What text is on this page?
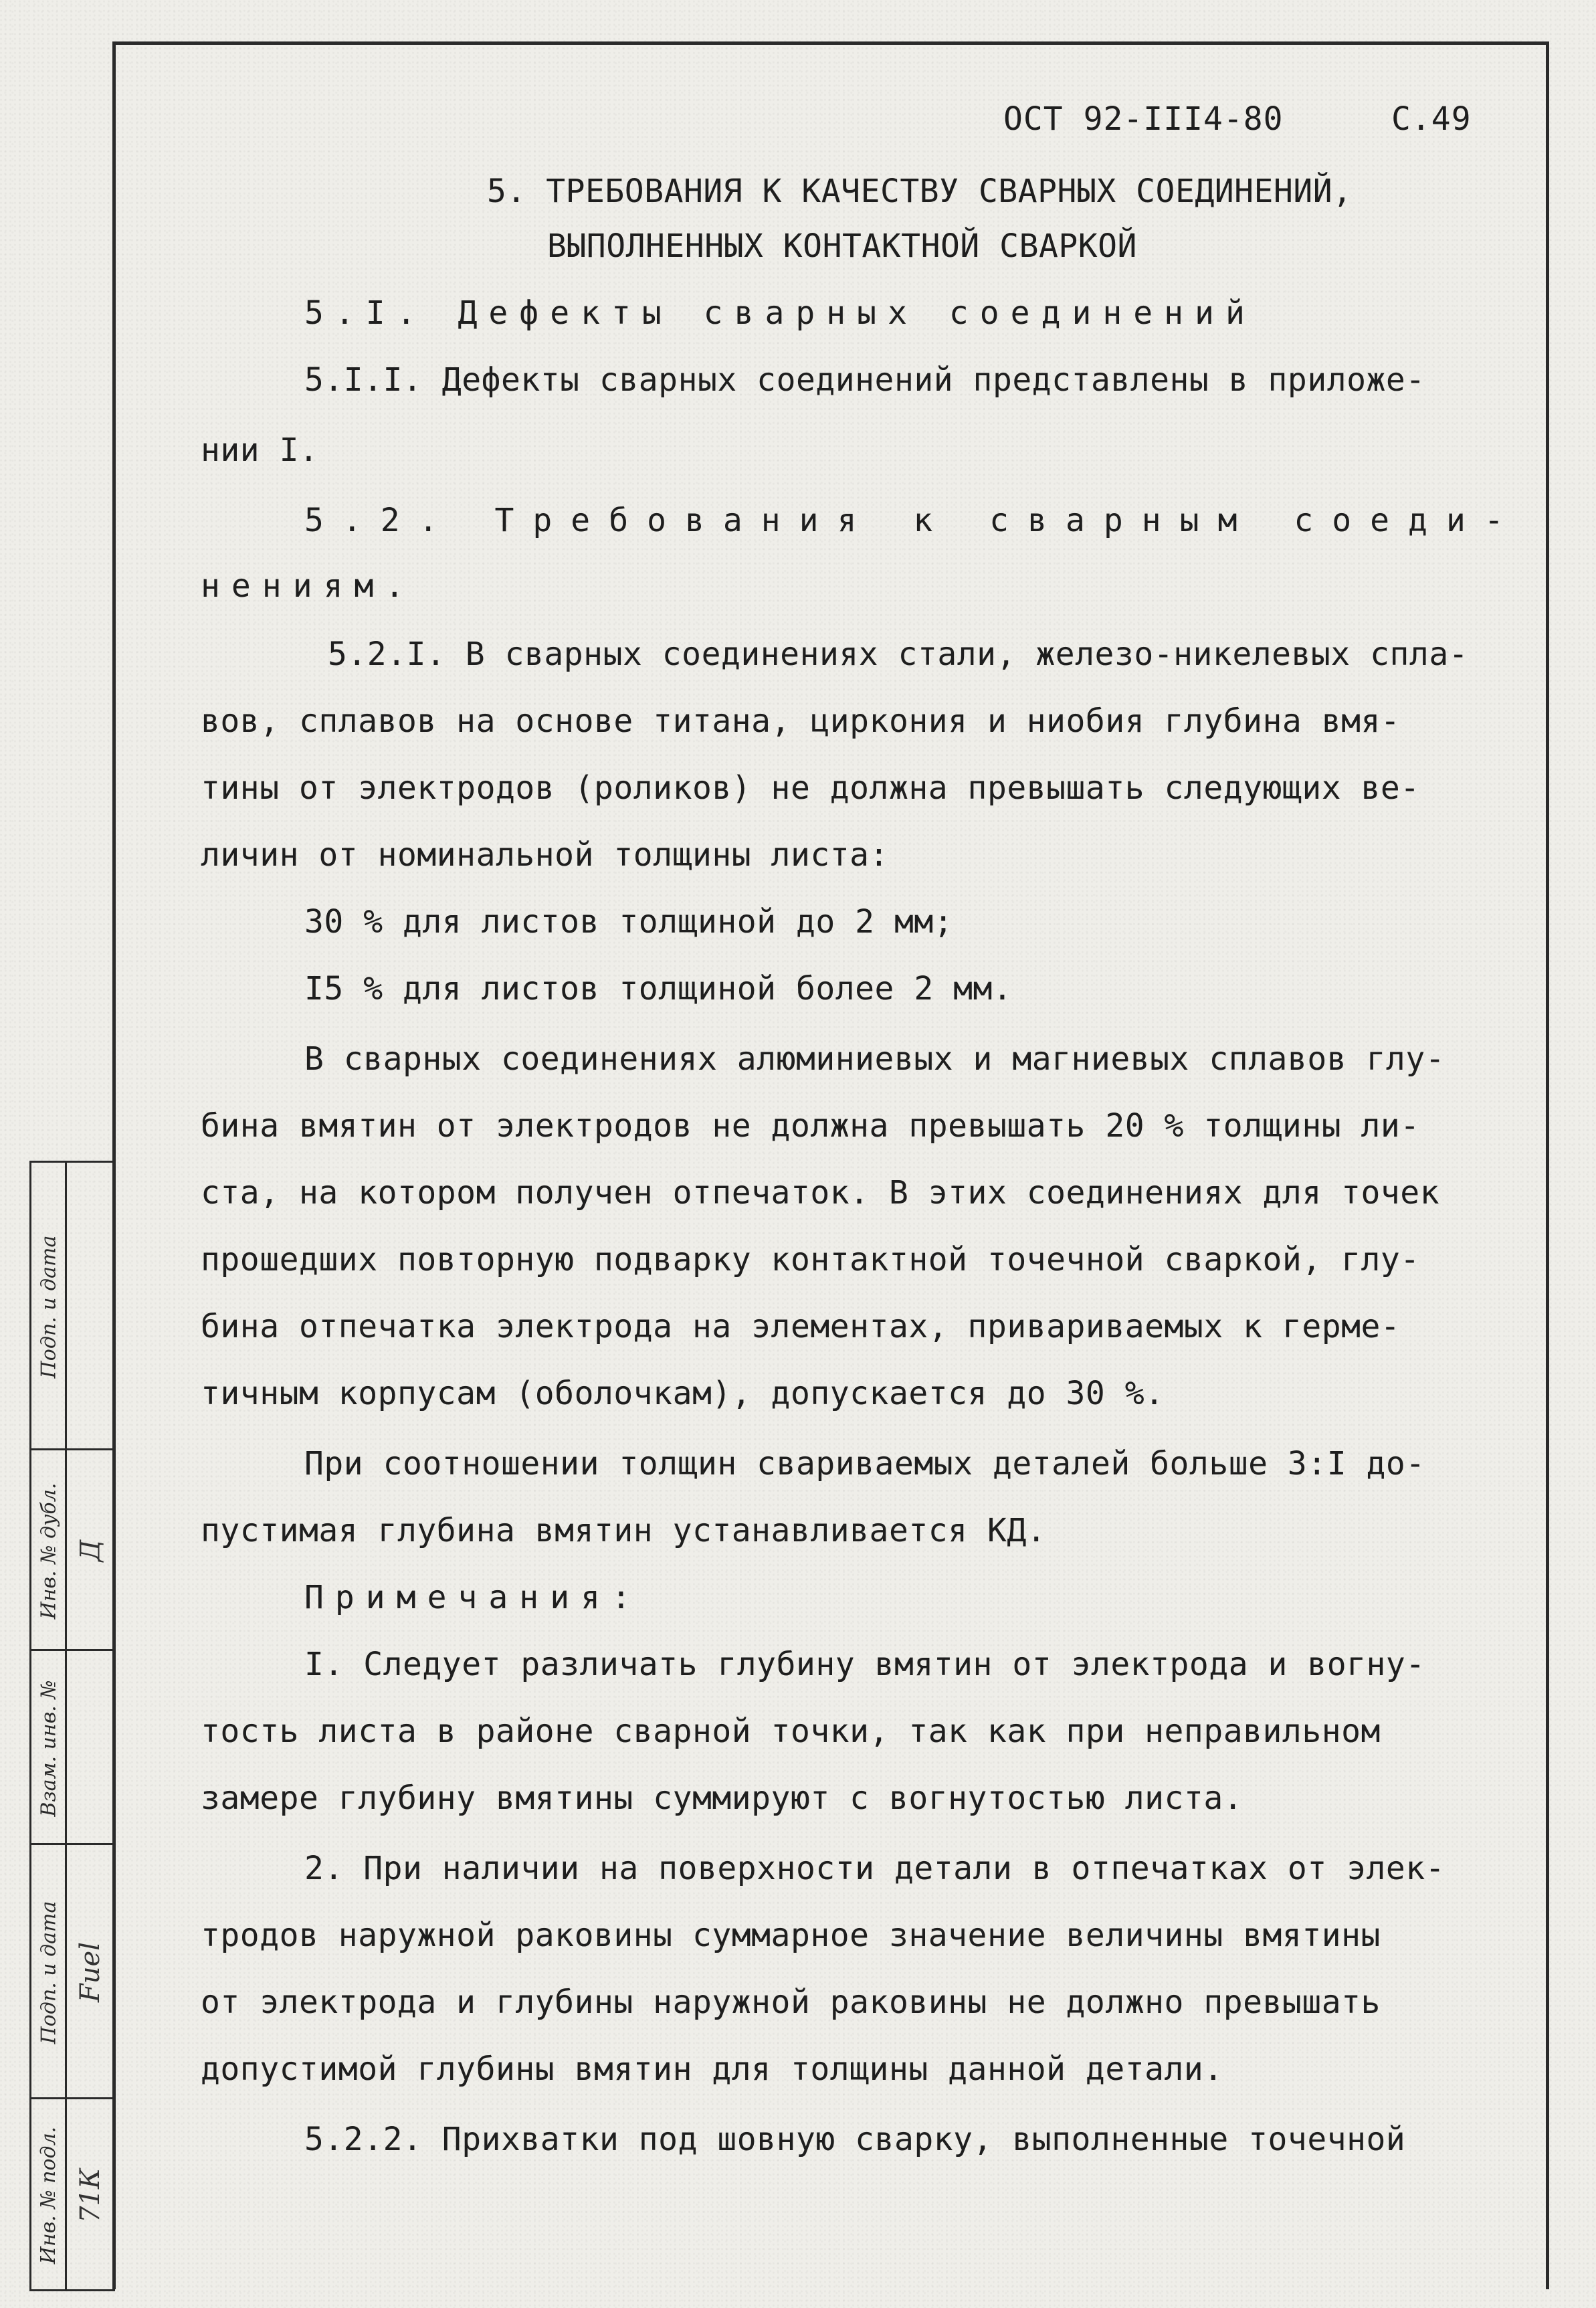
ОСТ 92-III4-80	С.49
5. ТРЕБОВАНИЯ К КАЧЕСТВУ СВАРНЫХ СОЕДИНЕНИЙ,
ВЫПОЛНЕННЫХ КОНТАКТНОЙ СВАРКОЙ
5.I. Дефекты сварных соединений
5.I.I. Дефекты сварных соединений представлены в приложе-
нии I.
5.2. Требования к сварным соеди-
нениям.
5.2.I. В сварных соединениях стали, железо-никелевых спла-
вов, сплавов на основе титана, циркония и ниобия глубина вмя-
тины от электродов (роликов) не должна превышать следующих ве-
личин от номинальной толщины листа:
30 % для листов толщиной до 2 мм;
I5 % для листов толщиной более 2 мм.
В сварных соединениях алюминиевых и магниевых сплавов глу-
бина вмятин от электродов не должна превышать 20 % толщины ли-
ста, на котором получен отпечаток. В этих соединениях для точек
прошедших повторную подварку контактной точечной сваркой, глу-
бина отпечатка электрода на элементах, привариваемых к герме-
тичным корпусам (оболочкам), допускается до 30 %.
При соотношении толщин свариваемых деталей больше 3:I до-
пустимая глубина вмятин устанавливается КД.
Примечания:
I. Следует различать глубину вмятин от электрода и вогну-
тость листа в районе сварной точки, так как при неправильном
замере глубину вмятины суммируют с вогнутостью листа.
2. При наличии на поверхности детали в отпечатках от элек-
тродов наружной раковины суммарное значение величины вмятины
от электрода и глубины наружной раковины не должно превышать
допустимой глубины вмятин для толщины данной детали.
5.2.2. Прихватки под шовную сварку, выполненные точечной
Подп. и дата
Инв. № дубл. Д
Взам. инв. №
Подп. и дата Fuel
Инв. № подл. 71К
